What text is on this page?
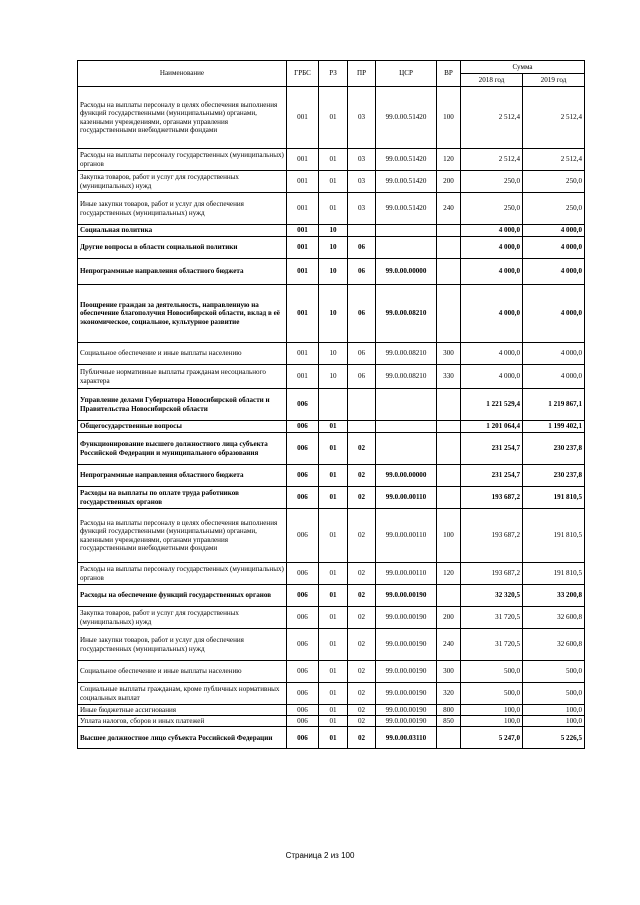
Наименование	ГРБС	РЗ	ПР	ЦСР	ВР	Сумма	
						2018 год	2019 год
Расходы на выплаты персоналу в целях обеспечения выполнения функций государственными (муниципальными) органами, казенными учреждениями, органами управления государственными внебюджетными фондами	001	01	03	99.0.00.51420	100	2 512,4	2 512,4
Расходы на выплаты персоналу государственных (муниципальных) органов	001	01	03	99.0.00.51420	120	2 512,4	2 512,4
Закупка товаров, работ и услуг для государственных (муниципальных) нужд	001	01	03	99.0.00.51420	200	250,0	250,0
Иные закупки товаров, работ и услуг для обеспечения государственных (муниципальных) нужд	001	01	03	99.0.00.51420	240	250,0	250,0
Социальная политика	001	10				4 000,0	4 000,0
Другие вопросы в области социальной политики	001	10	06			4 000,0	4 000,0
Непрограммные направления областного бюджета	001	10	06	99.0.00.00000		4 000,0	4 000,0
Поощрение граждан за деятельность, направленную на обеспечение благополучия Новосибирской области, вклад в её экономическое, социальное, культурное развитие	001	10	06	99.0.00.08210		4 000,0	4 000,0
Социальное обеспечение и иные выплаты населению	001	10	06	99.0.00.08210	300	4 000,0	4 000,0
Публичные нормативные выплаты гражданам несоциального характера	001	10	06	99.0.00.08210	330	4 000,0	4 000,0
Управление делами Губернатора Новосибирской области и Правительства Новосибирской области	006					1 221 529,4	1 219 867,1
Общегосударственные вопросы	006	01				1 201 064,4	1 199 402,1
Функционирование высшего должностного лица субъекта Российской Федерации и муниципального образования	006	01	02			231 254,7	230 237,8
Непрограммные направления областного бюджета	006	01	02	99.0.00.00000		231 254,7	230 237,8
Расходы на выплаты по оплате труда работников государственных органов	006	01	02	99.0.00.00110		193 687,2	191 810,5
Расходы на выплаты персоналу в целях обеспечения выполнения функций государственными (муниципальными) органами, казенными учреждениями, органами управления государственными внебюджетными фондами	006	01	02	99.0.00.00110	100	193 687,2	191 810,5
Расходы на выплаты персоналу государственных (муниципальных) органов	006	01	02	99.0.00.00110	120	193 687,2	191 810,5
Расходы на обеспечение функций государственных органов	006	01	02	99.0.00.00190		32 320,5	33 200,8
Закупка товаров, работ и услуг для государственных (муниципальных) нужд	006	01	02	99.0.00.00190	200	31 720,5	32 600,8
Иные закупки товаров, работ и услуг для обеспечения государственных (муниципальных) нужд	006	01	02	99.0.00.00190	240	31 720,5	32 600,8
Социальное обеспечение и иные выплаты населению	006	01	02	99.0.00.00190	300	500,0	500,0
Социальные выплаты гражданам, кроме публичных нормативных социальных выплат	006	01	02	99.0.00.00190	320	500,0	500,0
Иные бюджетные ассигнования	006	01	02	99.0.00.00190	800	100,0	100,0
Уплата налогов, сборов и иных платежей	006	01	02	99.0.00.00190	850	100,0	100,0
Высшее должностное лицо субъекта Российской Федерации	006	01	02	99.0.00.03110		5 247,0	5 226,5
Страница 2 из 100
